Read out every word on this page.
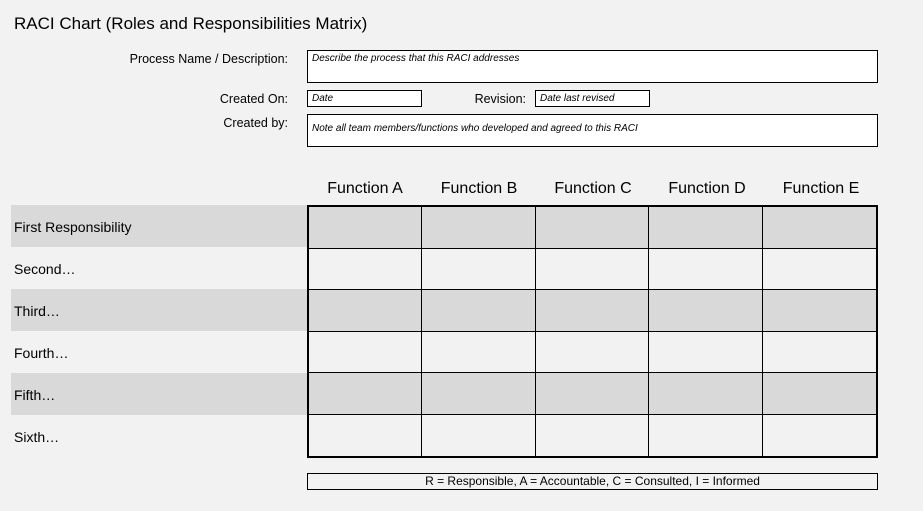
RACI Chart (Roles and Responsibilities Matrix)
Process Name / Description:	Describe the process that this RACI addresses
Created On:	Date	Revision:	Date last revised
Created by:	Note all team members/functions who developed and agreed to this RACI
Function A	Function B	Function C	Function D	Function E
First Responsibility
Second…
Third…
Fourth…
Fifth…
Sixth…
R = Responsible, A = Accountable, C = Consulted, I = Informed
